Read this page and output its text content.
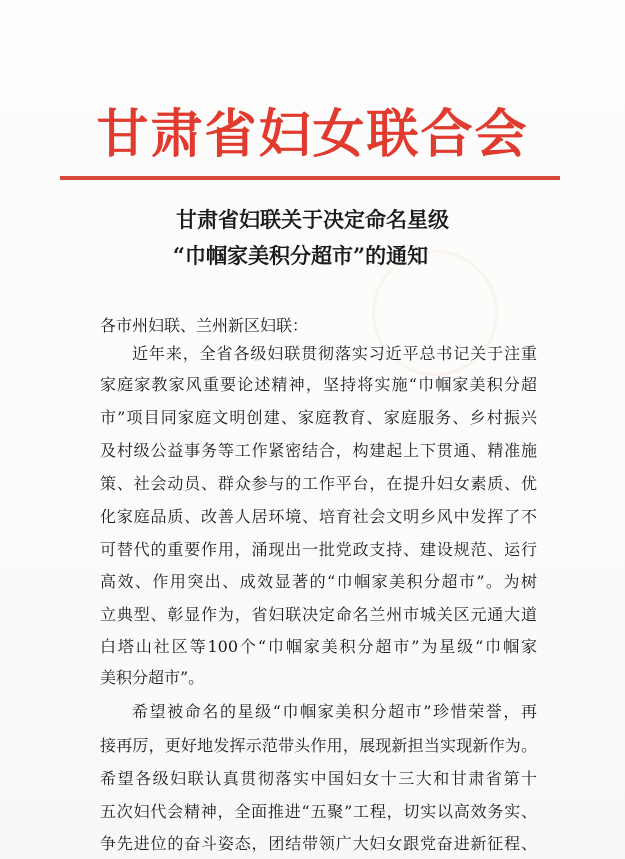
甘肃省妇女联合会
甘肃省妇联关于决定命名星级
“巾帼家美积分超市”的通知
各市州妇联、兰州新区妇联：
近年来，全省各级妇联贯彻落实习近平总书记关于注重
家庭家教家风重要论述精神，坚持将实施“巾帼家美积分超
市”项目同家庭文明创建、家庭教育、家庭服务、乡村振兴
及村级公益事务等工作紧密结合，构建起上下贯通、精准施
策、社会动员、群众参与的工作平台，在提升妇女素质、优
化家庭品质、改善人居环境、培育社会文明乡风中发挥了不
可替代的重要作用，涌现出一批党政支持、建设规范、运行
高效、作用突出、成效显著的“巾帼家美积分超市”。为树
立典型、彰显作为，省妇联决定命名兰州市城关区元通大道
白塔山社区等100个“巾帼家美积分超市”为星级“巾帼家
美积分超市”。
希望被命名的星级“巾帼家美积分超市”珍惜荣誉，再
接再厉，更好地发挥示范带头作用，展现新担当实现新作为。
希望各级妇联认真贯彻落实中国妇女十三大和甘肃省第十
五次妇代会精神，全面推进“五聚”工程，切实以高效务实、
争先进位的奋斗姿态，团结带领广大妇女跟党奋进新征程、
